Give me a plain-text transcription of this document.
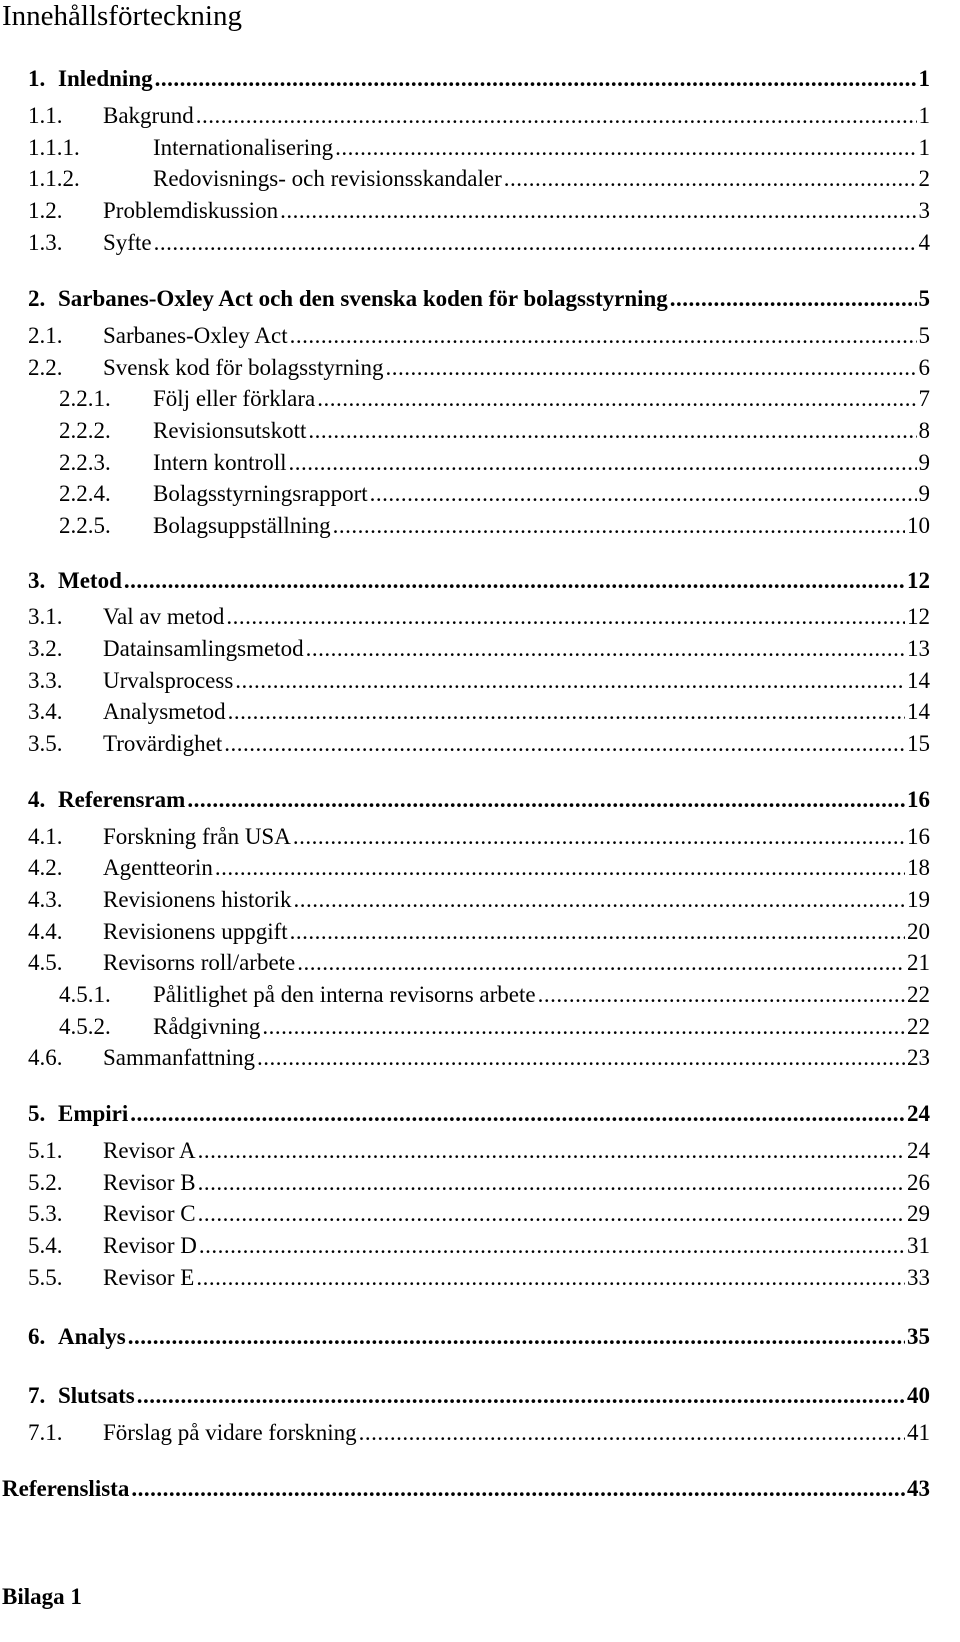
Innehållsförteckning
1. Inledning .....	1
1.1. Bakgrund .....	1
1.1.1.	Internationalisering .....	1
1.1.2.	Redovisnings- och revisionsskandaler .....	2
1.2. Problemdiskussion .....	3
1.3. Syfte .....	4
2. Sarbanes-Oxley Act och den svenska koden för bolagsstyrning .....	5
2.1. Sarbanes-Oxley Act .....	5
2.2. Svensk kod för bolagsstyrning .....	6
2.2.1. Följ eller förklara .....	7
2.2.2. Revisionsutskott .....	8
2.2.3. Intern kontroll .....	9
2.2.4. Bolagsstyrningsrapport .....	9
2.2.5. Bolagsuppställning .....	10
3. Metod .....	12
3.1. Val av metod .....	12
3.2. Datainsamlingsmetod .....	13
3.3. Urvalsprocess .....	14
3.4. Analysmetod .....	14
3.5. Trovärdighet .....	15
4. Referensram .....	16
4.1. Forskning från USA .....	16
4.2. Agentteorin .....	18
4.3. Revisionens historik .....	19
4.4. Revisionens uppgift .....	20
4.5. Revisorns roll/arbete .....	21
4.5.1. Pålitlighet på den interna revisorns arbete .....	22
4.5.2. Rådgivning .....	22
4.6. Sammanfattning .....	23
5. Empiri .....	24
5.1. Revisor A .....	24
5.2. Revisor B .....	26
5.3. Revisor C .....	29
5.4. Revisor D .....	31
5.5. Revisor E .....	33
6. Analys .....	35
7. Slutsats .....	40
7.1. Förslag på vidare forskning .....	41
Referenslista .....	43
Bilaga 1
